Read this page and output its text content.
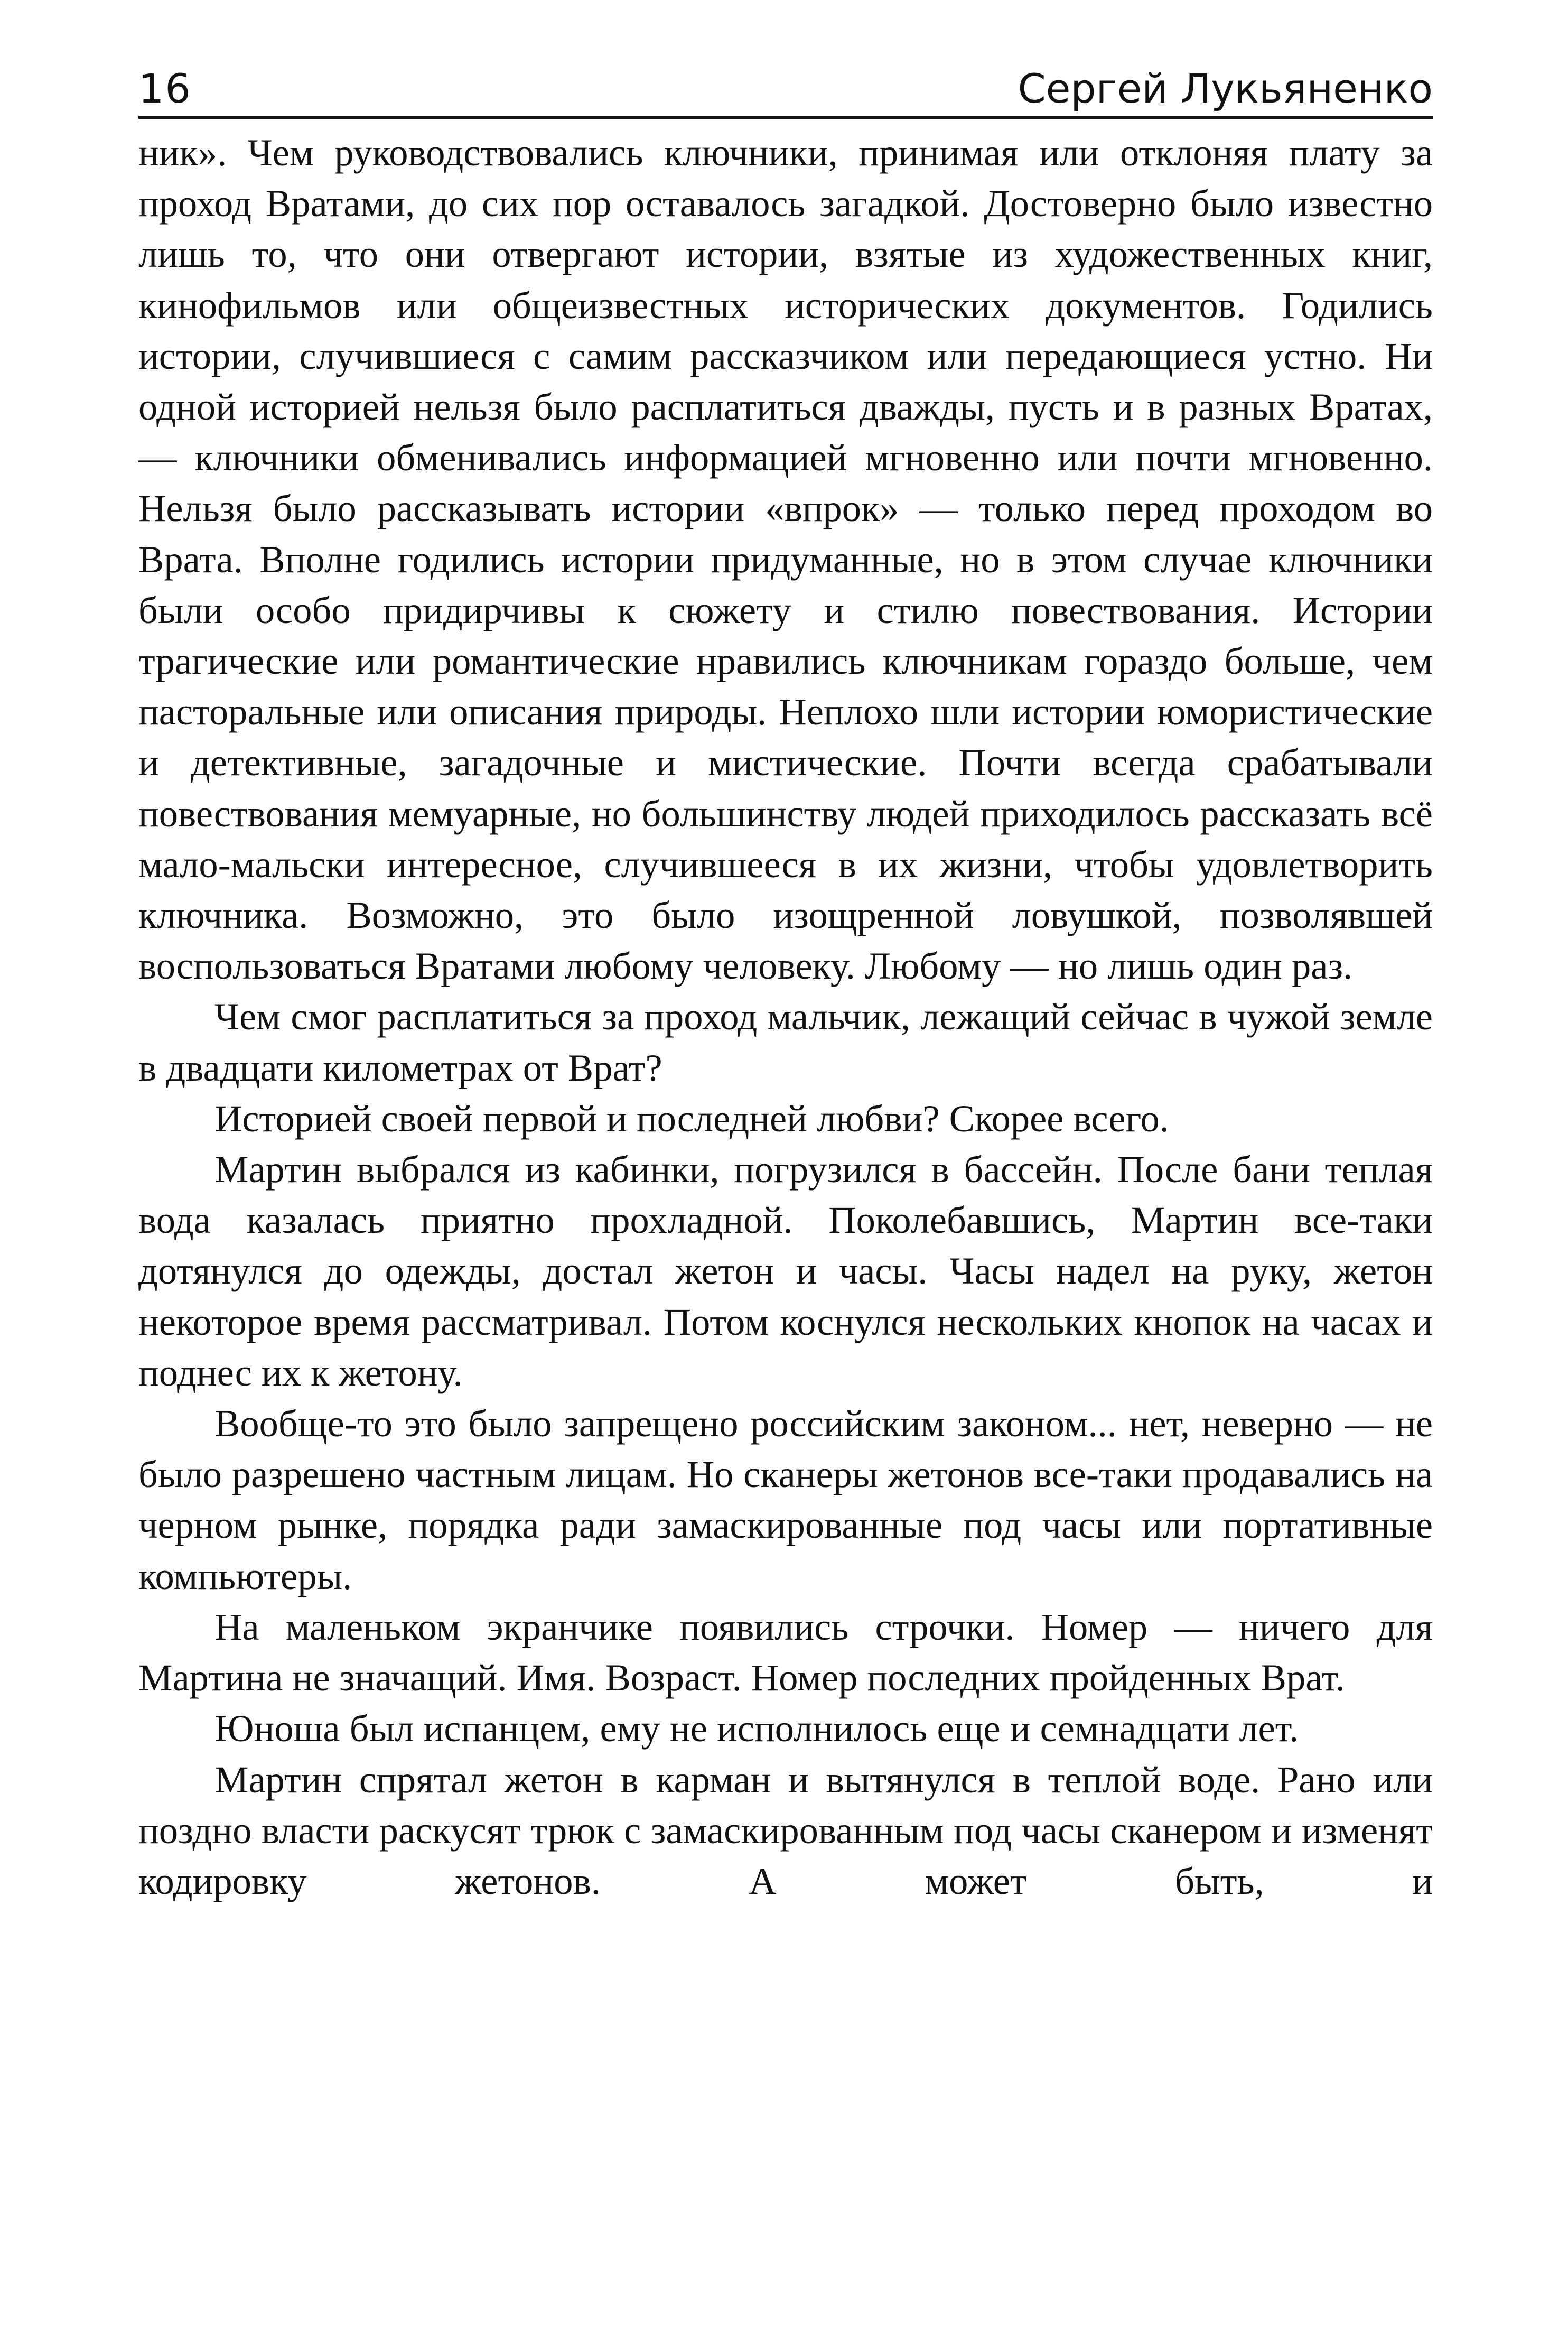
16	Сергей Лукьяненко

ник». Чем руководствовались ключники, принимая или отклоняя плату за проход Вратами, до сих пор оставалось загадкой. Достоверно было известно лишь то, что они отвергают истории, взятые из художественных книг, кинофильмов или общеизвестных исторических документов. Годились истории, случившиеся с самим рассказчиком или передающиеся устно. Ни одной историей нельзя было расплатиться дважды, пусть и в разных Вратах, — ключники обменивались информацией мгновенно или почти мгновенно. Нельзя было рассказывать истории «впрок» — только перед проходом во Врата. Вполне годились истории придуманные, но в этом случае ключники были особо придирчивы к сюжету и стилю повествования. Истории трагические или романтические нравились ключникам гораздо больше, чем пасторальные или описания природы. Неплохо шли истории юмористические и детективные, загадочные и мистические. Почти всегда срабатывали повествования мемуарные, но большинству людей приходилось рассказать всё мало-мальски интересное, случившееся в их жизни, чтобы удовлетворить ключника. Возможно, это было изощренной ловушкой, позволявшей воспользоваться Вратами любому человеку. Любому — но лишь один раз.

Чем смог расплатиться за проход мальчик, лежащий сейчас в чужой земле в двадцати километрах от Врат?

Историей своей первой и последней любви? Скорее всего.

Мартин выбрался из кабинки, погрузился в бассейн. После бани теплая вода казалась приятно прохладной. Поколебавшись, Мартин все-таки дотянулся до одежды, достал жетон и часы. Часы надел на руку, жетон некоторое время рассматривал. Потом коснулся нескольких кнопок на часах и поднес их к жетону.

Вообще-то это было запрещено российским законом... нет, неверно — не было разрешено частным лицам. Но сканеры жетонов все-таки продавались на черном рынке, порядка ради замаскированные под часы или портативные компьютеры.

На маленьком экранчике появились строчки. Номер — ничего для Мартина не значащий. Имя. Возраст. Номер последних пройденных Врат.

Юноша был испанцем, ему не исполнилось еще и семнадцати лет.

Мартин спрятал жетон в карман и вытянулся в теплой воде. Рано или поздно власти раскусят трюк с замаскированным под часы сканером и изменят кодировку жетонов. А может быть, и
